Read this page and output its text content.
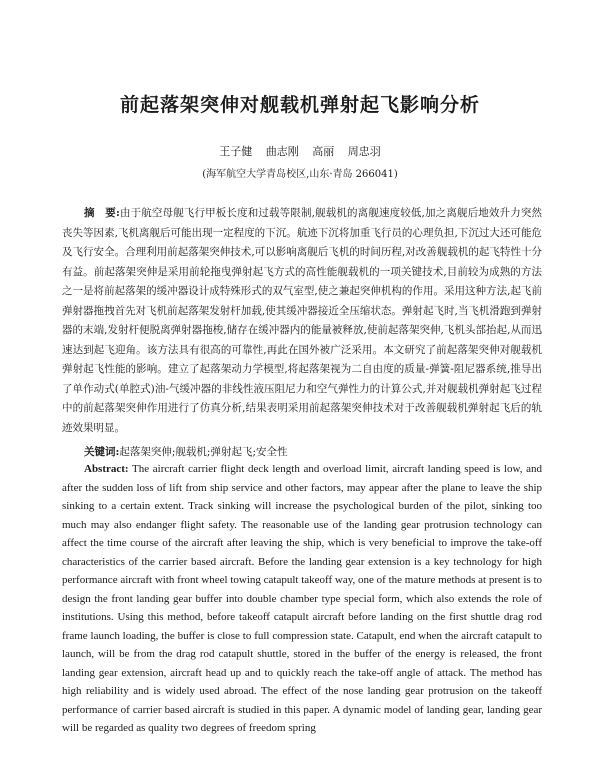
前起落架突伸对舰载机弹射起飞影响分析
王子健 曲志刚 高丽 周忠羽
(海军航空大学青岛校区,山东·青岛 266041)

摘　要:由于航空母舰飞行甲板长度和过载等限制,舰载机的离舰速度较低,加之离舰后地效升力突然丧失等因素,飞机离舰后可能出现一定程度的下沉。航迹下沉将加重飞行员的心理负担,下沉过大还可能危及飞行安全。合理利用前起落架突伸技术,可以影响离舰后飞机的时间历程,对改善舰载机的起飞特性十分有益。前起落架突伸是采用前轮拖曳弹射起飞方式的高性能舰载机的一项关键技术,目前较为成熟的方法之一是将前起落架的缓冲器设计成特殊形式的双气室型,使之兼起突伸机构的作用。采用这种方法,起飞前弹射器拖拽首先对飞机前起落架发射杆加载,使其缓冲器接近全压缩状态。弹射起飞时,当飞机滑跑到弹射器的末端,发射杆便脱离弹射器拖梭,储存在缓冲器内的能量被释放,使前起落架突伸,飞机头部抬起,从而迅速达到起飞迎角。该方法具有很高的可靠性,再此在国外被广泛采用。本文研究了前起落架突伸对舰载机弹射起飞性能的影响。建立了起落架动力学模型,将起落架视为二自由度的质量-弹簧-阻尼器系统,推导出了单作动式(单腔式)油-气缓冲器的非线性液压阻尼力和空气弹性力的计算公式,并对舰载机弹射起飞过程中的前起落架突伸作用进行了仿真分析,结果表明采用前起落架突伸技术对于改善舰载机弹射起飞后的轨迹效果明显。

关键词:起落架突伸;舰载机;弹射起飞;安全性

Abstract: The aircraft carrier flight deck length and overload limit, aircraft landing speed is low, and after the sudden loss of lift from ship service and other factors, may appear after the plane to leave the ship sinking to a certain extent. Track sinking will increase the psychological burden of the pilot, sinking too much may also endanger flight safety. The reasonable use of the landing gear protrusion technology can affect the time course of the aircraft after leaving the ship, which is very beneficial to improve the take-off characteristics of the carrier based aircraft. Before the landing gear extension is a key technology for high performance aircraft with front wheel towing catapult takeoff way, one of the mature methods at present is to design the front landing gear buffer into double chamber type special form, which also extends the role of institutions. Using this method, before takeoff catapult aircraft before landing on the first shuttle drag rod frame launch loading, the buffer is close to full compression state. Catapult, end when the aircraft catapult to launch, will be from the drag rod catapult shuttle, stored in the buffer of the energy is released, the front landing gear extension, aircraft head up and to quickly reach the take-off angle of attack. The method has high reliability and is widely used abroad. The effect of the nose landing gear protrusion on the takeoff performance of carrier based aircraft is studied in this paper. A dynamic model of landing gear, landing gear will be regarded as quality two degrees of freedom spring
